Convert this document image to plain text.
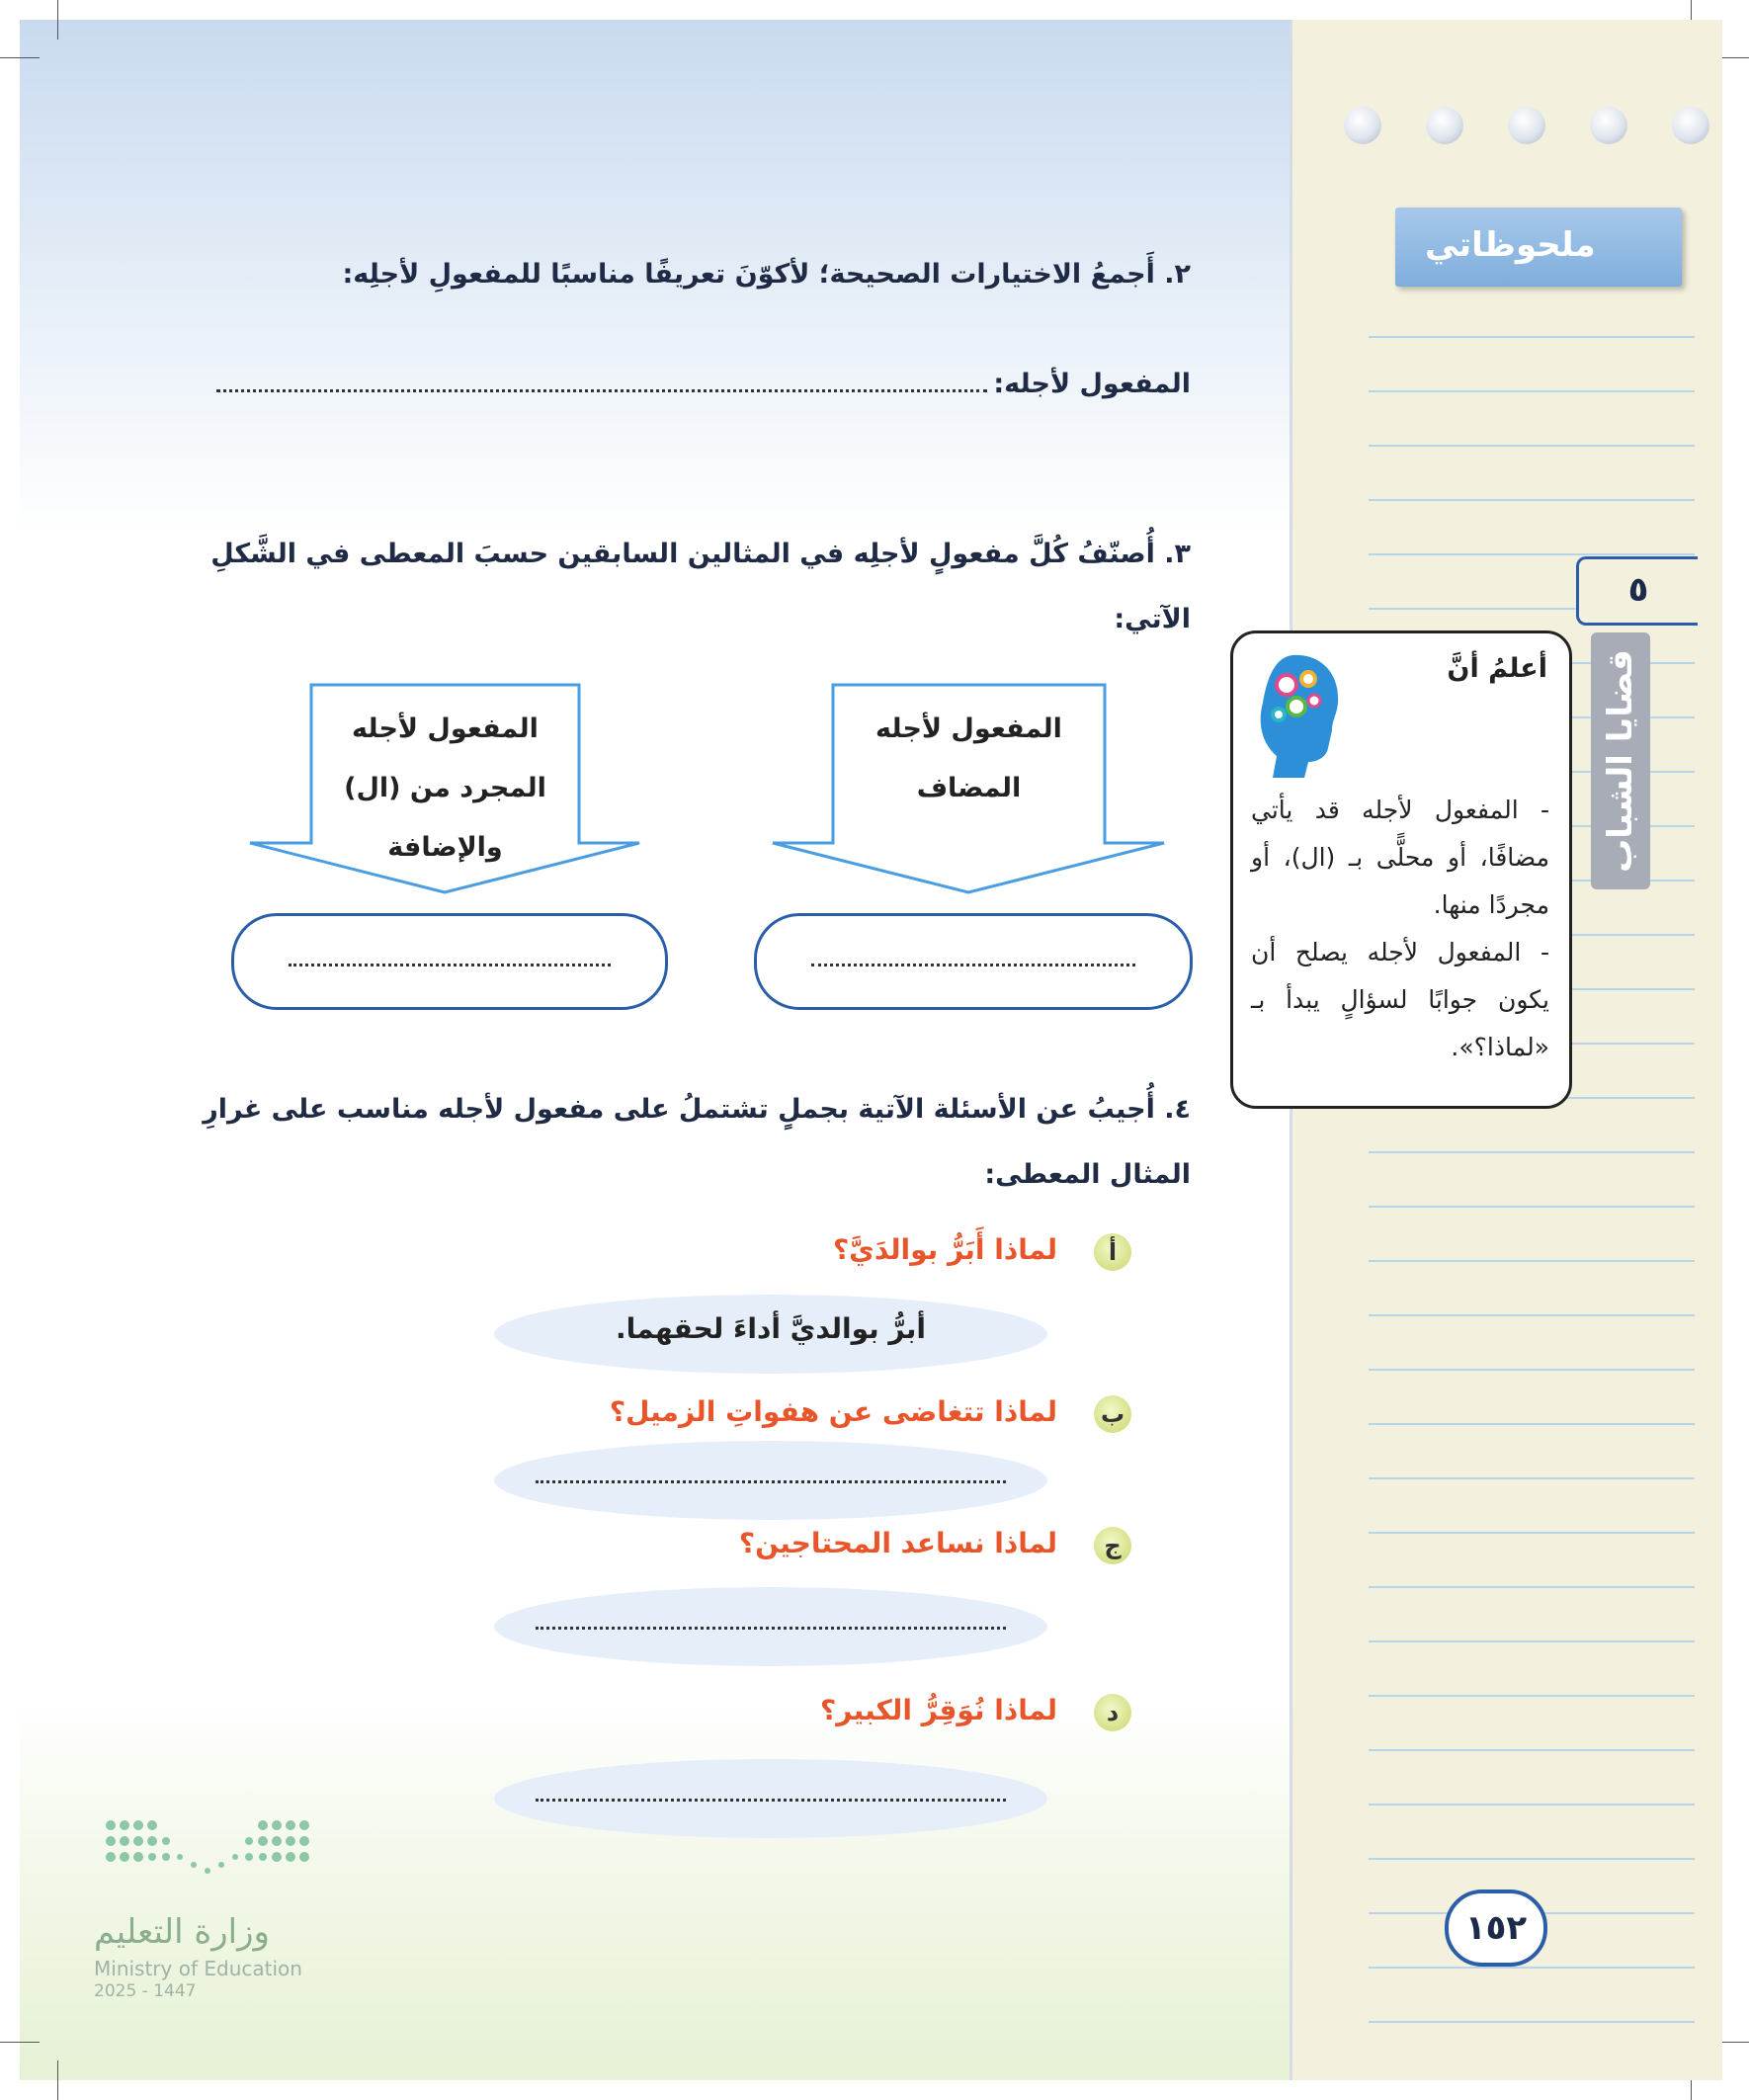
ملحوظاتي
٥
قضايا الشباب
٢. أَجمعُ الاختيارات الصحيحة؛ لأكوّنَ تعريفًا مناسبًا للمفعولِ لأجلِه:
المفعول لأجله:
٣. أُصنّفُ كُلَّ مفعولٍ لأجلِه في المثالين السابقين حسبَ المعطى في الشَّكلِ الآتي:
المفعول لأجله
المضاف
المفعول لأجله
المجرد من (ال)
والإضافة
أعلمُ أنَّ
- المفعول لأجله قد يأتي مضافًا، أو محلًّى بـ (ال)، أو مجردًا منها.
- المفعول لأجله يصلح أن يكون جوابًا لسؤالٍ يبدأ بـ «لماذا؟».
٤. أُجيبُ عن الأسئلة الآتية بجملٍ تشتملُ على مفعول لأجله مناسب على غرارِ المثال المعطى:
أ
لماذا أَبَرُّ بوالدَيَّ؟
أبرُّ بوالديَّ أداءَ لحقهما.
ب
لماذا تتغاضى عن هفواتِ الزميل؟
ج
لماذا نساعد المحتاجين؟
د
لماذا نُوَقِرُّ الكبير؟
وزارة التعليم
Ministry of Education
2025 - 1447
١٥٢
